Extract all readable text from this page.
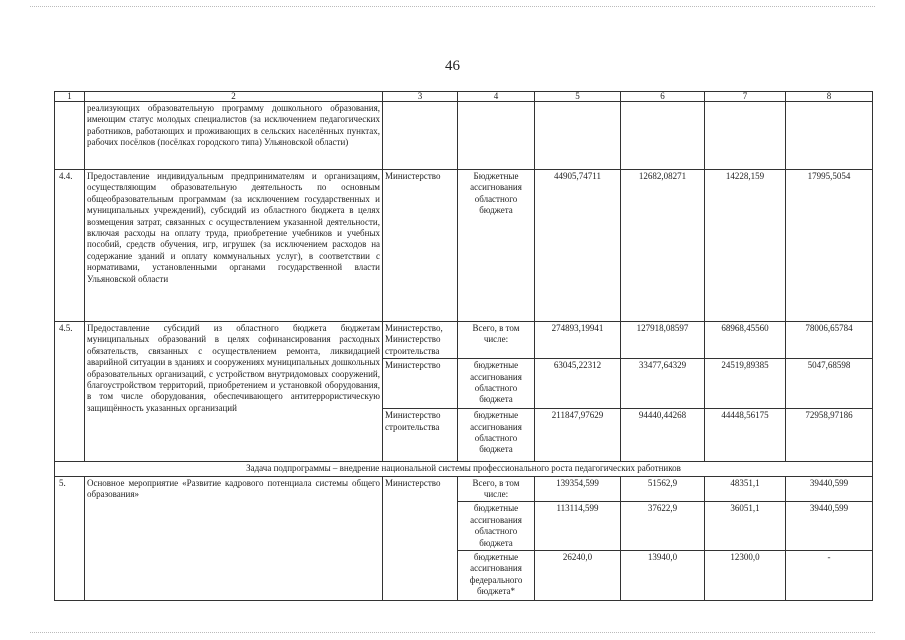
46
1	2	3	4	5	6	7	8
	реализующих образовательную программу дошкольного образования, имеющим статус молодых специалистов (за исключением педагогических работников, работающих и проживающих в сельских населённых пунктах, рабочих посёлков (посёлках городского типа) Ульяновской области)						
4.4.	Предоставление индивидуальным предпринимателям и организациям, осуществляющим образовательную деятельность по основным общеобразовательным программам (за исключением государственных и муниципальных учреждений), субсидий из областного бюджета в целях возмещения затрат, связанных с осуществлением указанной деятельности, включая расходы на оплату труда, приобретение учебников и учебных пособий, средств обучения, игр, игрушек (за исключением расходов на содержание зданий и оплату коммунальных услуг), в соответствии с нормативами, установленными органами государственной власти Ульяновской области	Министерство	Бюджетные ассигнования областного бюджета	44905,74711	12682,08271	14228,159	17995,5054
4.5.	Предоставление субсидий из областного бюджета бюджетам муниципальных образований в целях софинансирования расходных обязательств, связанных с осуществлением ремонта, ликвидацией аварийной ситуации в зданиях и сооружениях муниципальных дошкольных образовательных организаций, с устройством внутридомовых сооружений, благоустройством территорий, приобретением и установкой оборудования, в том числе оборудования, обеспечивающего антитеррористическую защищённость указанных организаций	Министерство, Министерство строительства	Всего, в том числе:	274893,19941	127918,08597	68968,45560	78006,65784
		Министерство	бюджетные ассигнования областного бюджета	63045,22312	33477,64329	24519,89385	5047,68598
		Министерство строительства	бюджетные ассигнования областного бюджета	211847,97629	94440,44268	44448,56175	72958,97186
Задача подпрограммы – внедрение национальной системы профессионального роста педагогических работников							
5.	Основное мероприятие «Развитие кадрового потенциала системы общего образования»	Министерство	Всего, в том числе:	139354,599	51562,9	48351,1	39440,599
			бюджетные ассигнования областного бюджета	113114,599	37622,9	36051,1	39440,599
			бюджетные ассигнования федерального бюджета*	26240,0	13940,0	12300,0	-
